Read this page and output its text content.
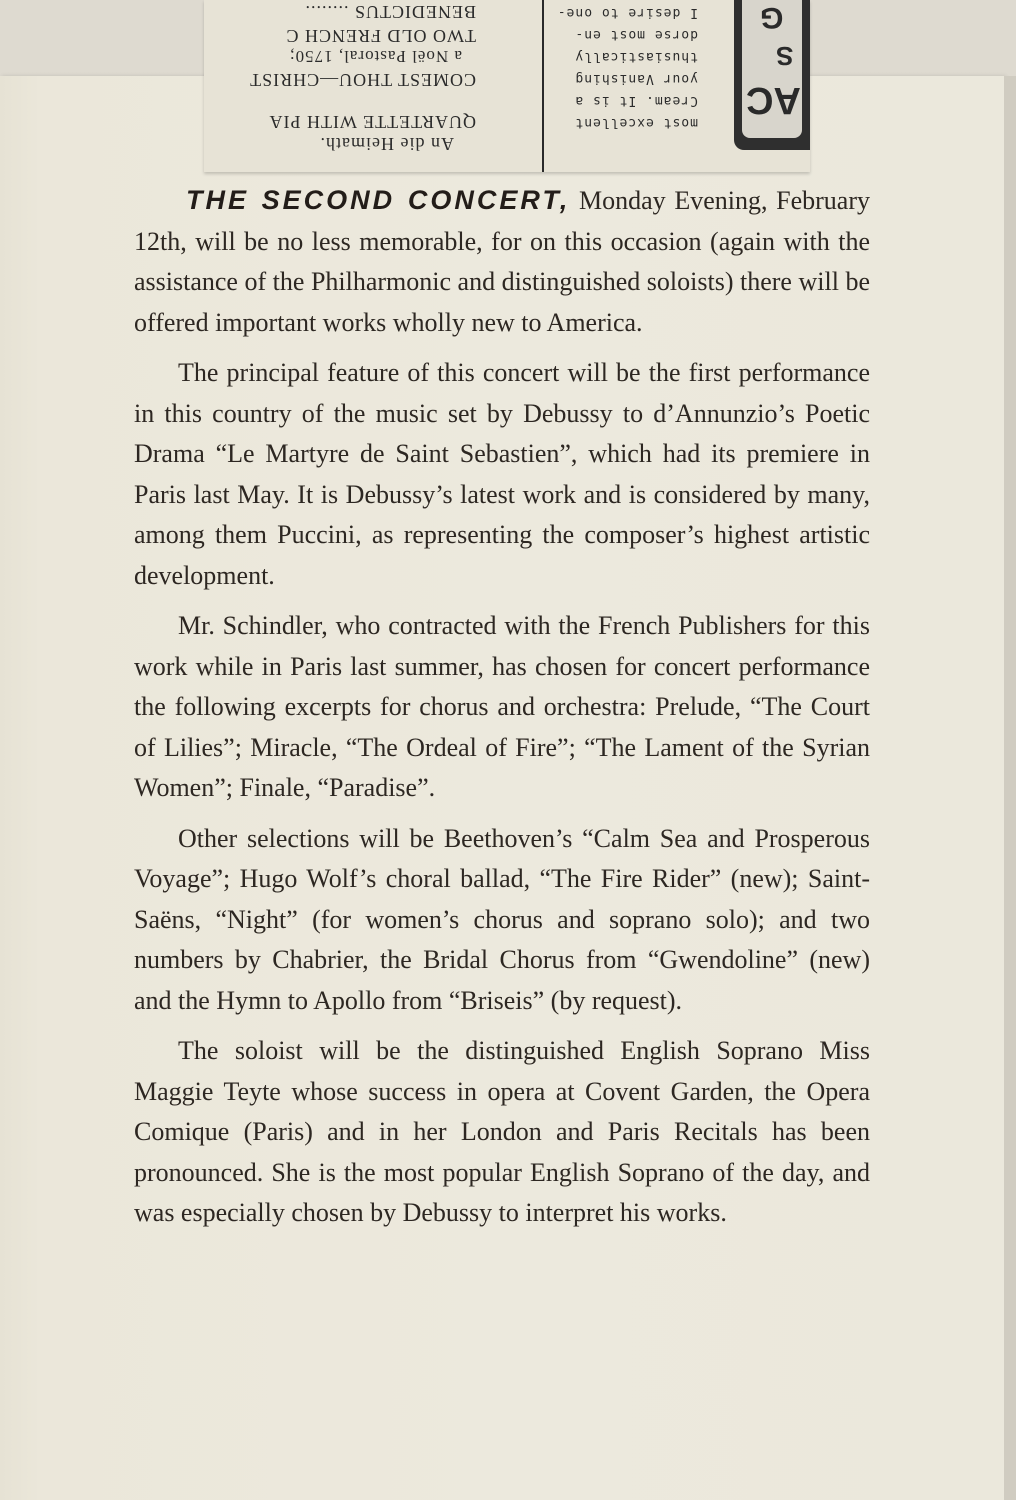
BENEDICTUS ........
TWO OLD FRENCH C
a Noël Pastoral, 1750;
COMEST THOU—CHRIST
QUARTETTE WITH PIA
An die Heimath.
I desire to one-
dorse most en-
thusiastically
your Vanishing
Cream. It is a
most excellent
G
S
AC

THE SECOND CONCERT, Monday Evening, February 12th, will be no less memorable, for on this occasion (again with the assistance of the Philharmonic and distinguished soloists) there will be offered important works wholly new to America.

The principal feature of this concert will be the first performance in this country of the music set by Debussy to d’Annunzio’s Poetic Drama “Le Martyre de Saint Sebastien”, which had its premiere in Paris last May. It is Debussy’s latest work and is considered by many, among them Puccini, as representing the composer’s highest artistic development.

Mr. Schindler, who contracted with the French Publishers for this work while in Paris last summer, has chosen for concert performance the following excerpts for chorus and orchestra: Prelude, “The Court of Lilies”; Miracle, “The Ordeal of Fire”; “The Lament of the Syrian Women”; Finale, “Paradise”.

Other selections will be Beethoven’s “Calm Sea and Prosperous Voyage”; Hugo Wolf’s choral ballad, “The Fire Rider” (new); Saint-Saëns, “Night” (for women’s chorus and soprano solo); and two numbers by Chabrier, the Bridal Chorus from “Gwendoline” (new) and the Hymn to Apollo from “Briseis” (by request).

The soloist will be the distinguished English Soprano Miss Maggie Teyte whose success in opera at Covent Garden, the Opera Comique (Paris) and in her London and Paris Recitals has been pronounced. She is the most popular English Soprano of the day, and was especially chosen by Debussy to interpret his works.
